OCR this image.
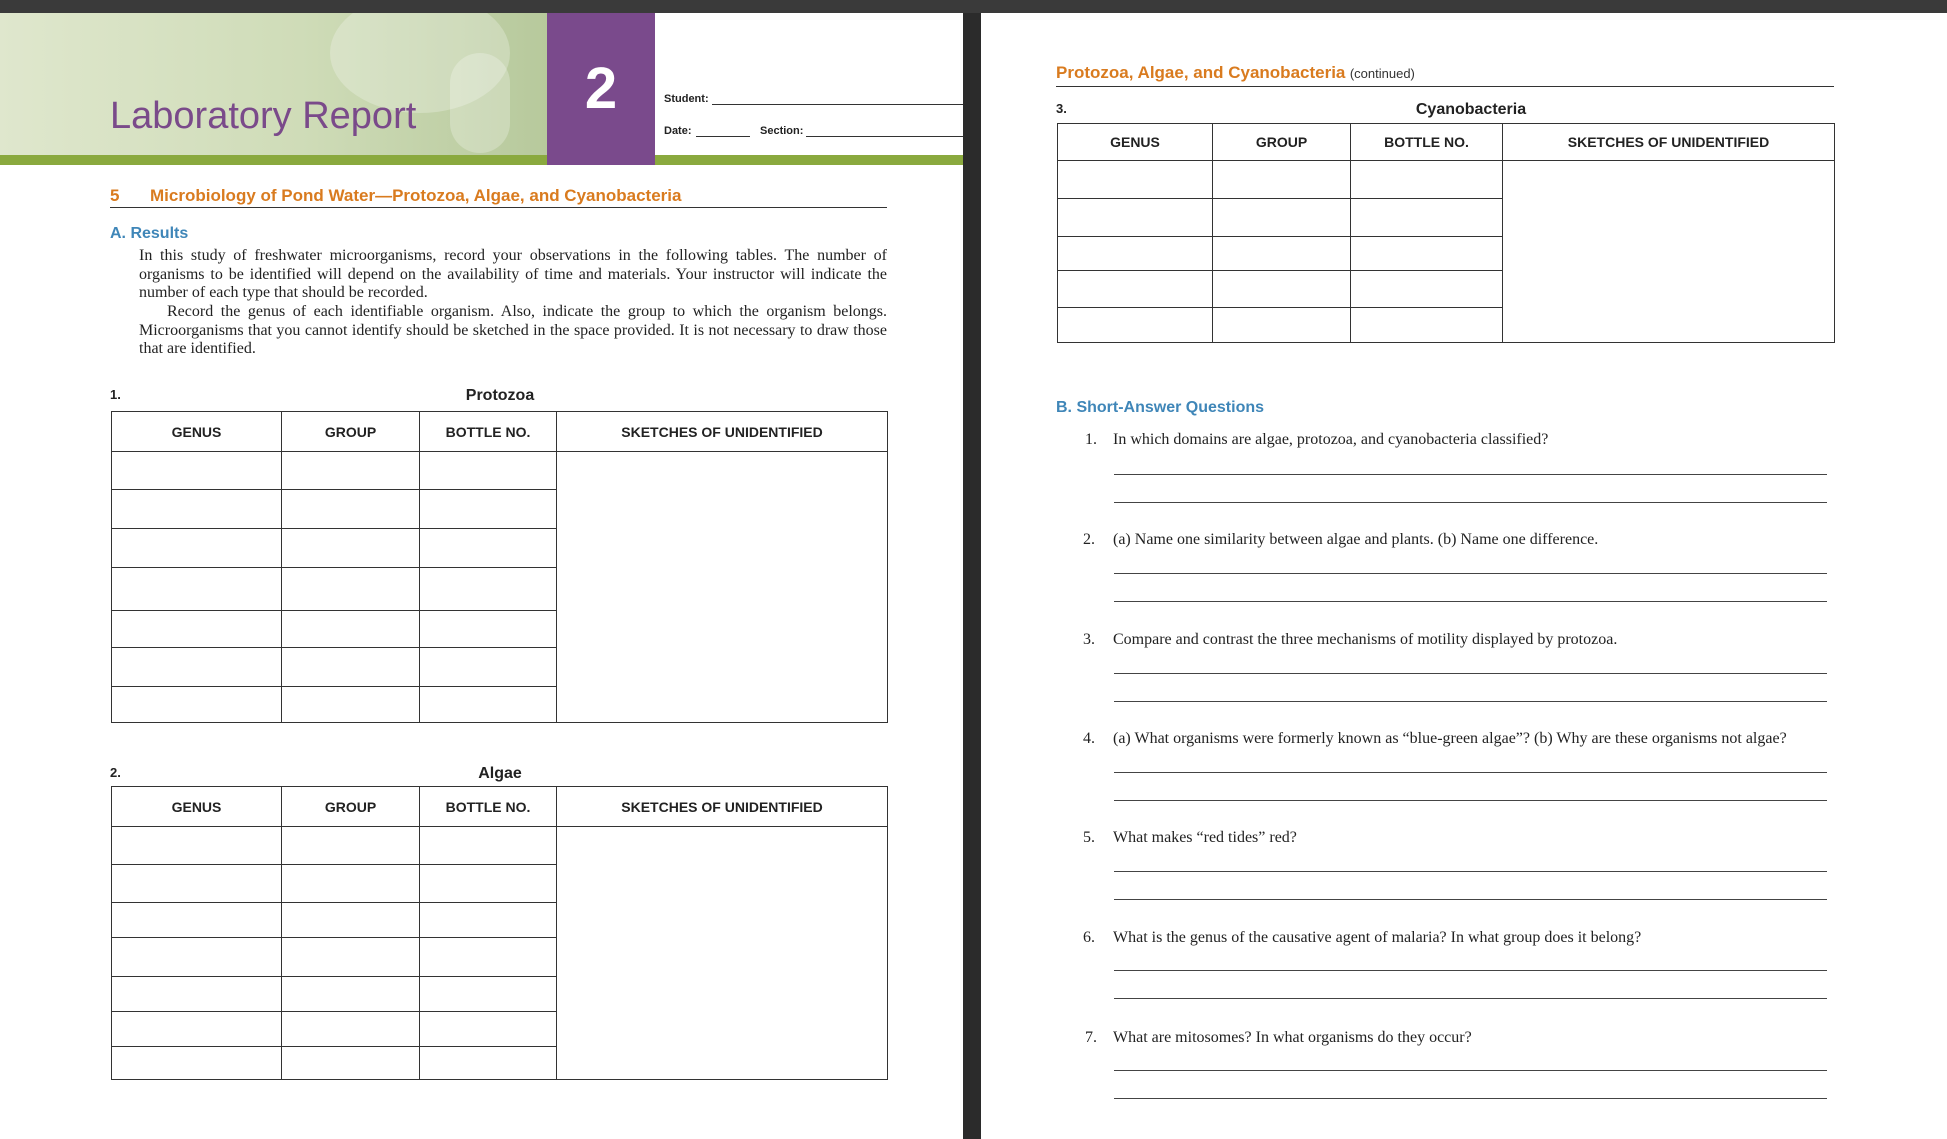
Laboratory Report	2	Student:
Date:	Section:
5 Microbiology of Pond Water—Protozoa, Algae, and Cyanobacteria
A. Results
In this study of freshwater microorganisms, record your observations in the following tables. The number of organisms to be identified will depend on the availability of time and materials. Your instructor will indicate the number of each type that should be recorded.
Record the genus of each identifiable organism. Also, indicate the group to which the organism belongs. Microorganisms that you cannot identify should be sketched in the space provided. It is not necessary to draw those that are identified.
1.	Protozoa
GENUS	GROUP	BOTTLE NO.	SKETCHES OF UNIDENTIFIED

2.	Algae
GENUS	GROUP	BOTTLE NO.	SKETCHES OF UNIDENTIFIED

Protozoa, Algae, and Cyanobacteria (continued)
3.	Cyanobacteria
GENUS	GROUP	BOTTLE NO.	SKETCHES OF UNIDENTIFIED

B. Short-Answer Questions
1. In which domains are algae, protozoa, and cyanobacteria classified?
2. (a) Name one similarity between algae and plants. (b) Name one difference.
3. Compare and contrast the three mechanisms of motility displayed by protozoa.
4. (a) What organisms were formerly known as “blue-green algae”? (b) Why are these organisms not algae?
5. What makes “red tides” red?
6. What is the genus of the causative agent of malaria? In what group does it belong?
7. What are mitosomes? In what organisms do they occur?
